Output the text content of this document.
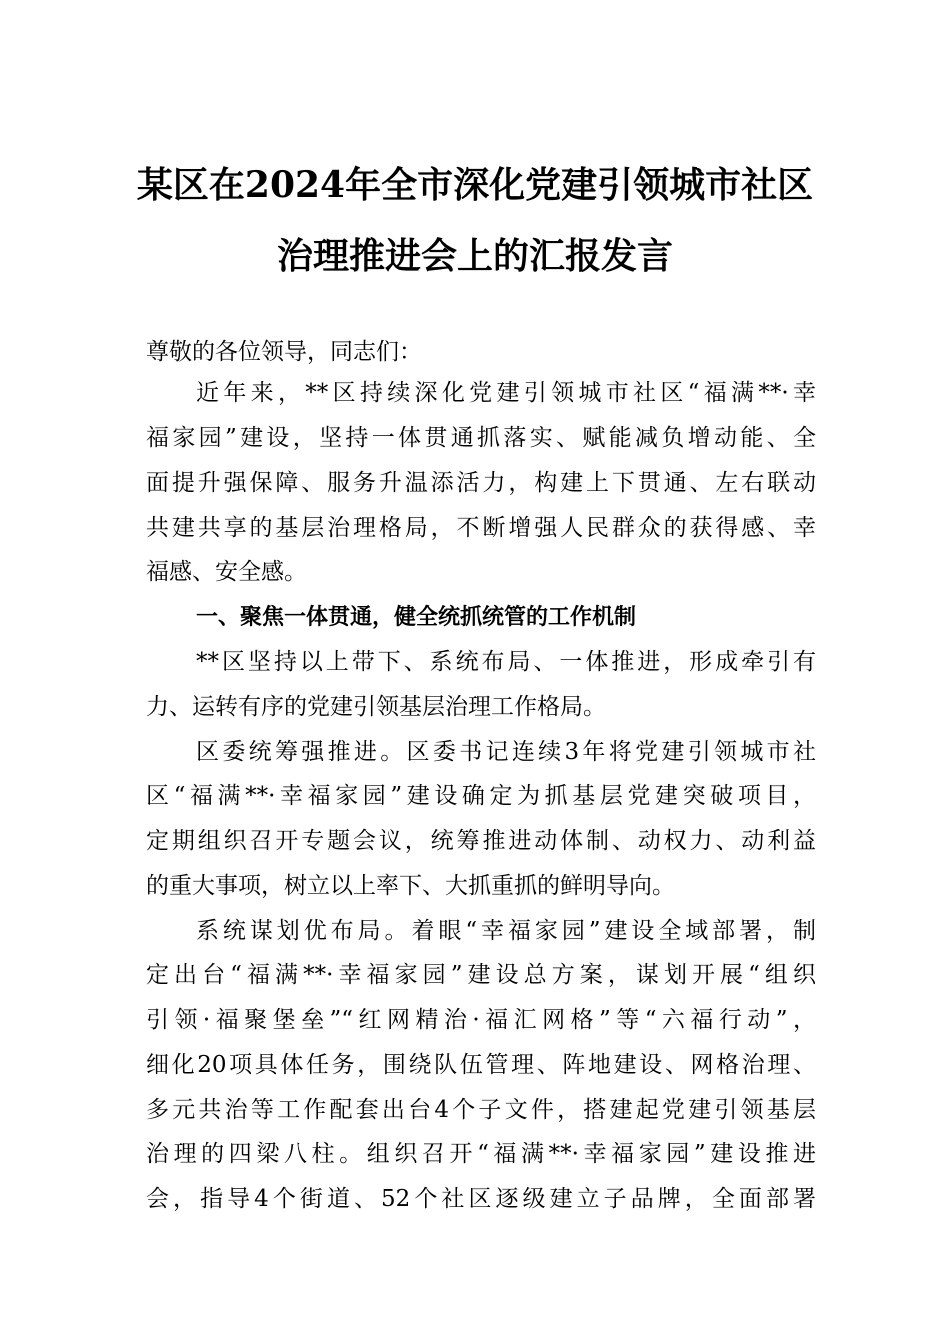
某区在2024年全市深化党建引领城市社区
治理推进会上的汇报发言

尊敬的各位领导，同志们：

近年来，**区持续深化党建引领城市社区“福满**·幸

福家园”建设，坚持一体贯通抓落实、赋能减负增动能、全

面提升强保障、服务升温添活力，构建上下贯通、左右联动

共建共享的基层治理格局，不断增强人民群众的获得感、幸

福感、安全感。

一、聚焦一体贯通，健全统抓统管的工作机制

**区坚持以上带下、系统布局、一体推进，形成牵引有

力、运转有序的党建引领基层治理工作格局。

区委统筹强推进。区委书记连续3年将党建引领城市社

区“福满**·幸福家园”建设确定为抓基层党建突破项目，

定期组织召开专题会议，统筹推进动体制、动权力、动利益

的重大事项，树立以上率下、大抓重抓的鲜明导向。

系统谋划优布局。着眼“幸福家园”建设全域部署，制

定出台“福满**·幸福家园”建设总方案，谋划开展“组织

引领·福聚堡垒”“红网精治·福汇网格”等“六福行动”，

细化20项具体任务，围绕队伍管理、阵地建设、网格治理、

多元共治等工作配套出台4个子文件，搭建起党建引领基层

治理的四梁八柱。组织召开“福满**·幸福家园”建设推进

会，指导4个街道、52个社区逐级建立子品牌，全面部署
